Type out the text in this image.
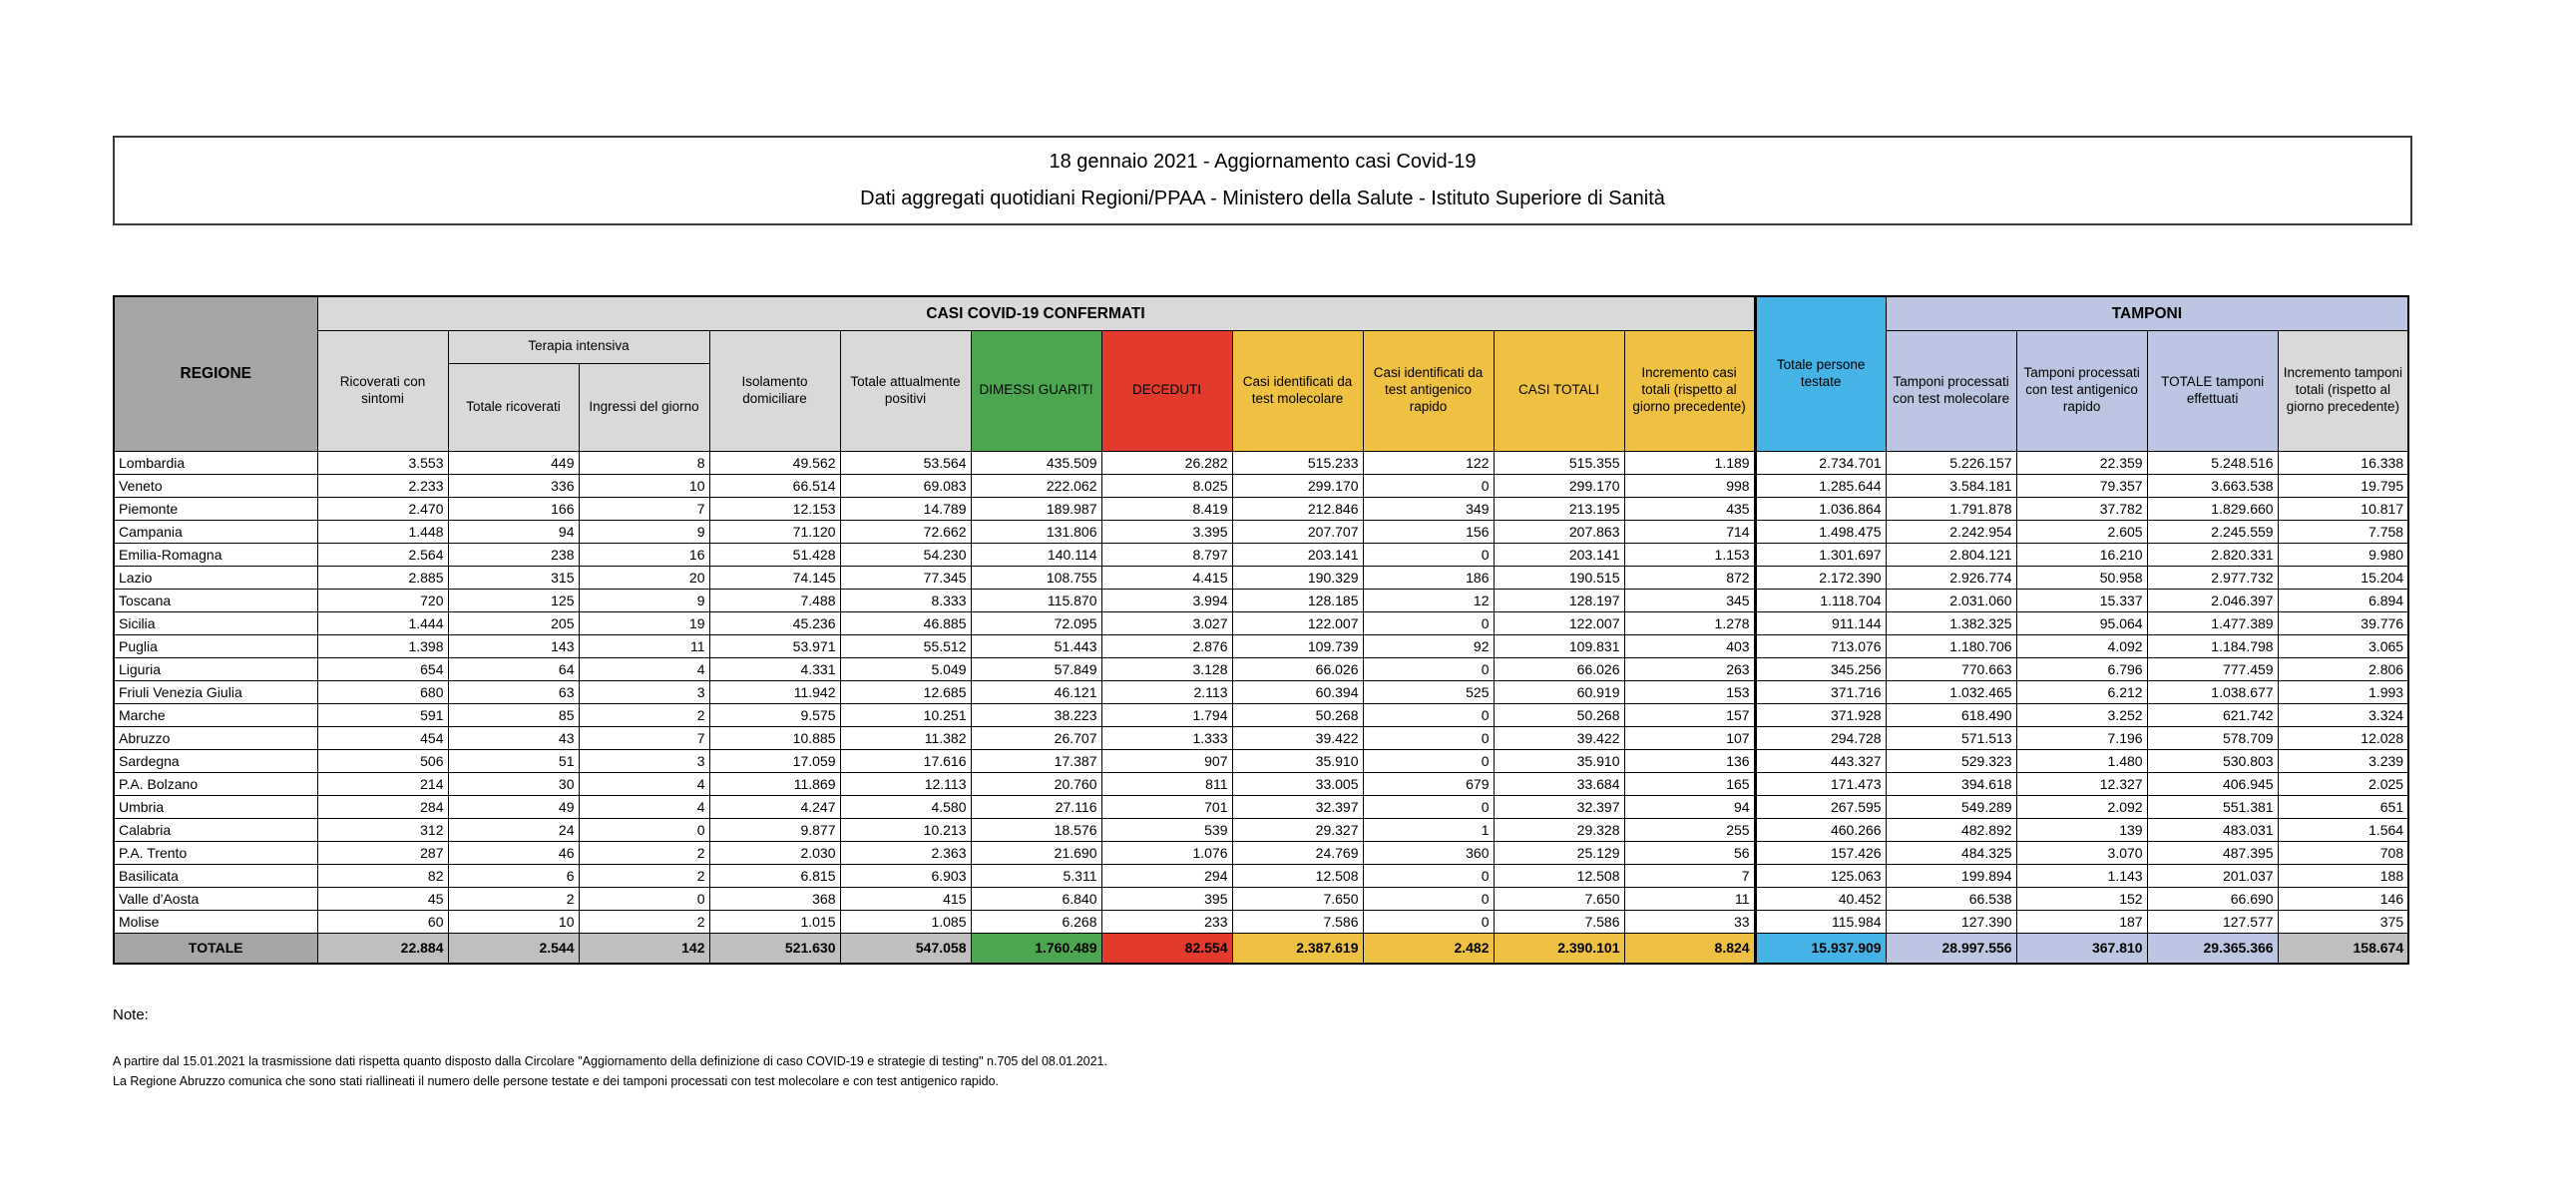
18 gennaio 2021 - Aggiornamento casi Covid-19
Dati aggregati quotidiani Regioni/PPAA - Ministero della Salute - Istituto Superiore di Sanità
REGIONE	CASI COVID-19 CONFERMATI											Totale persone testate	TAMPONI			
	Ricoverati con sintomi	Terapia intensiva		Isolamento domiciliare	Totale attualmente positivi	DIMESSI GUARITI	DECEDUTI	Casi identificati da test molecolare	Casi identificati da test antigenico rapido	CASI TOTALI	Incremento casi totali (rispetto al giorno precedente)		Tamponi processati con test molecolare	Tamponi processati con test antigenico rapido	TOTALE tamponi effettuati	Incremento tamponi totali (rispetto al giorno precedente)
		Totale ricoverati	Ingressi del giorno													
Lombardia	3.553	449	8	49.562	53.564	435.509	26.282	515.233	122	515.355	1.189	2.734.701	5.226.157	22.359	5.248.516	16.338
Veneto	2.233	336	10	66.514	69.083	222.062	8.025	299.170	0	299.170	998	1.285.644	3.584.181	79.357	3.663.538	19.795
Piemonte	2.470	166	7	12.153	14.789	189.987	8.419	212.846	349	213.195	435	1.036.864	1.791.878	37.782	1.829.660	10.817
Campania	1.448	94	9	71.120	72.662	131.806	3.395	207.707	156	207.863	714	1.498.475	2.242.954	2.605	2.245.559	7.758
Emilia-Romagna	2.564	238	16	51.428	54.230	140.114	8.797	203.141	0	203.141	1.153	1.301.697	2.804.121	16.210	2.820.331	9.980
Lazio	2.885	315	20	74.145	77.345	108.755	4.415	190.329	186	190.515	872	2.172.390	2.926.774	50.958	2.977.732	15.204
Toscana	720	125	9	7.488	8.333	115.870	3.994	128.185	12	128.197	345	1.118.704	2.031.060	15.337	2.046.397	6.894
Sicilia	1.444	205	19	45.236	46.885	72.095	3.027	122.007	0	122.007	1.278	911.144	1.382.325	95.064	1.477.389	39.776
Puglia	1.398	143	11	53.971	55.512	51.443	2.876	109.739	92	109.831	403	713.076	1.180.706	4.092	1.184.798	3.065
Liguria	654	64	4	4.331	5.049	57.849	3.128	66.026	0	66.026	263	345.256	770.663	6.796	777.459	2.806
Friuli Venezia Giulia	680	63	3	11.942	12.685	46.121	2.113	60.394	525	60.919	153	371.716	1.032.465	6.212	1.038.677	1.993
Marche	591	85	2	9.575	10.251	38.223	1.794	50.268	0	50.268	157	371.928	618.490	3.252	621.742	3.324
Abruzzo	454	43	7	10.885	11.382	26.707	1.333	39.422	0	39.422	107	294.728	571.513	7.196	578.709	12.028
Sardegna	506	51	3	17.059	17.616	17.387	907	35.910	0	35.910	136	443.327	529.323	1.480	530.803	3.239
P.A. Bolzano	214	30	4	11.869	12.113	20.760	811	33.005	679	33.684	165	171.473	394.618	12.327	406.945	2.025
Umbria	284	49	4	4.247	4.580	27.116	701	32.397	0	32.397	94	267.595	549.289	2.092	551.381	651
Calabria	312	24	0	9.877	10.213	18.576	539	29.327	1	29.328	255	460.266	482.892	139	483.031	1.564
P.A. Trento	287	46	2	2.030	2.363	21.690	1.076	24.769	360	25.129	56	157.426	484.325	3.070	487.395	708
Basilicata	82	6	2	6.815	6.903	5.311	294	12.508	0	12.508	7	125.063	199.894	1.143	201.037	188
Valle d'Aosta	45	2	0	368	415	6.840	395	7.650	0	7.650	11	40.452	66.538	152	66.690	146
Molise	60	10	2	1.015	1.085	6.268	233	7.586	0	7.586	33	115.984	127.390	187	127.577	375
TOTALE	22.884	2.544	142	521.630	547.058	1.760.489	82.554	2.387.619	2.482	2.390.101	8.824	15.937.909	28.997.556	367.810	29.365.366	158.674
Note:
A partire dal 15.01.2021 la trasmissione dati rispetta quanto disposto dalla Circolare "Aggiornamento della definizione di caso COVID-19 e strategie di testing" n.705 del 08.01.2021.
La Regione Abruzzo comunica che sono stati riallineati il numero delle persone testate e dei tamponi processati con test molecolare e con test antigenico rapido.
